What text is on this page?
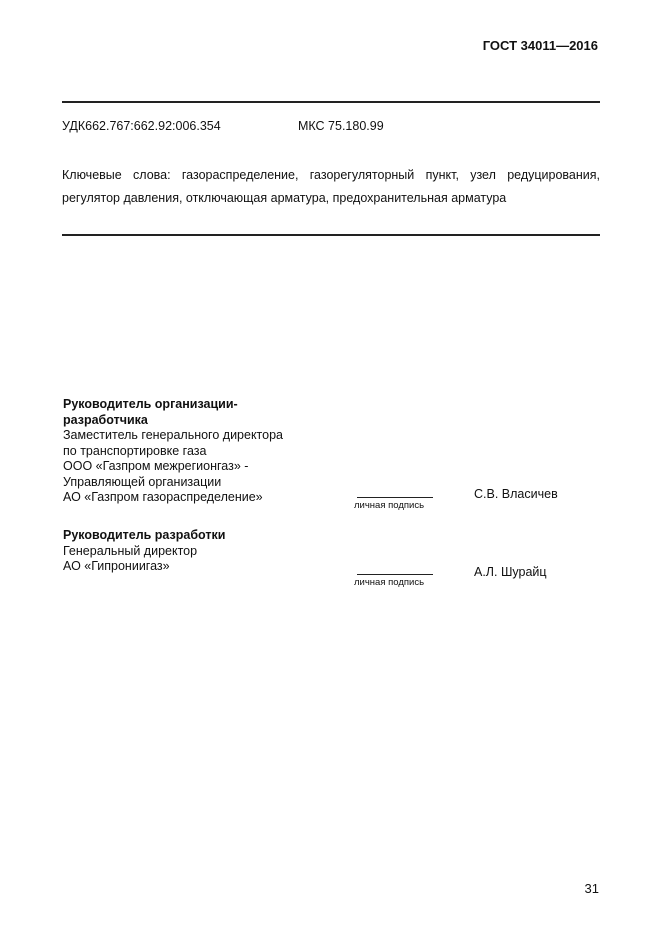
ГОСТ 34011—2016
УДК662.767:662.92:006.354	МКС 75.180.99
Ключевые слова: газораспределение, газорегуляторный пункт, узел редуцирования, регулятор давления, отключающая арматура, предохранительная арматура
Руководитель организации-
разработчика
Заместитель генерального директора
по транспортировке газа
ООО «Газпром межрегионгаз» -
Управляющей организации
АО «Газпром газораспределение»
личная подпись
С.В. Власичев
Руководитель разработки
Генеральный директор
АО «Гипрониигаз»
личная подпись
А.Л. Шурайц
31
